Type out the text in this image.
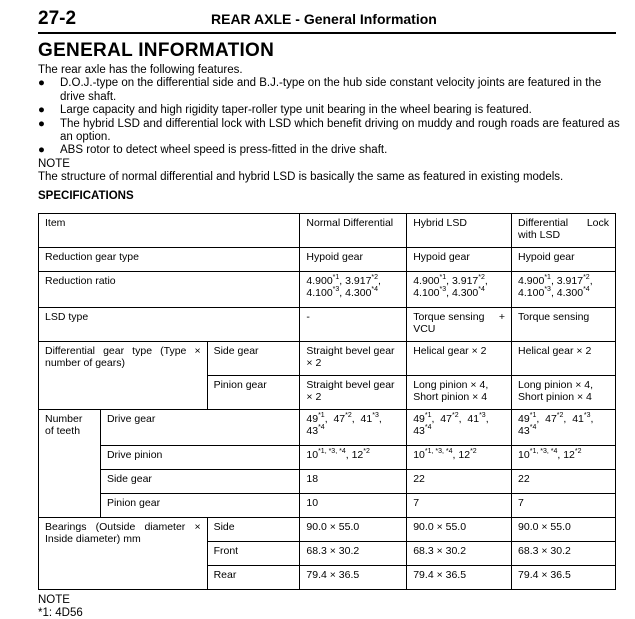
27-2	REAR AXLE - General Information
GENERAL INFORMATION

The rear axle has the following features.

● D.O.J.-type on the differential side and B.J.-type on the hub side constant velocity joints are featured in the drive shaft.
● Large capacity and high rigidity taper-roller type unit bearing in the wheel bearing is featured.
● The hybrid LSD and differential lock with LSD which benefit driving on muddy and rough roads are featured as an option.
● ABS rotor to detect wheel speed is press-fitted in the drive shaft.

NOTE

The structure of normal differential and hybrid LSD is basically the same as featured in existing models.

SPECIFICATIONS

Item			Normal Differential	Hybrid LSD	Differential Lock
with LSD

Reduction gear type			Hypoid gear	Hypoid gear	Hypoid gear
Reduction ratio			4.900$^{*1}$, 3.917$^{*2}$,
4.100$^{*3}$, 4.300$^{*4}$	4.900$^{*1}$, 3.917$^{*2}$,
4.100$^{*3}$, 4.300$^{*4}$	4.900$^{*1}$, 3.917$^{*2}$,
4.100$^{*3}$, 4.300$^{*4}$
LSD type			-	Torque sensing +
VCU	Torque sensing
Differential gear type (Type × number of gears)		Side gear	Straight bevel gear × 2	Helical gear × 2	Helical gear × 2
		Pinion gear	Straight bevel gear × 2	Long pinion × 4, Short pinion × 4	Long pinion × 4, Short pinion × 4
Number of teeth	Drive gear		49$^{*1}$,  47$^{*2}$,  41$^{*3}$,
43$^{*4}$	49$^{*1}$,  47$^{*2}$,  41$^{*3}$,
43$^{*4}$	49$^{*1}$,  47$^{*2}$,  41$^{*3}$,
43$^{*4}$
	Drive pinion		$10^{*1, *3, *4}$, 12$^{*2}$	$10^{*1, *3, *4}$, 12$^{*2}$	$10^{*1, *3, *4}$, 12$^{*2}$
	Side gear		18	22	22
	Pinion gear		10	7	7
Bearings (Outside diameter × Inside diameter) mm		Side	90.0 × 55.0	90.0 × 55.0	90.0 × 55.0
		Front	68.3 × 30.2	68.3 × 30.2	68.3 × 30.2
		Rear	79.4 × 36.5	79.4 × 36.5	79.4 × 36.5
NOTE
*1: 4D56
